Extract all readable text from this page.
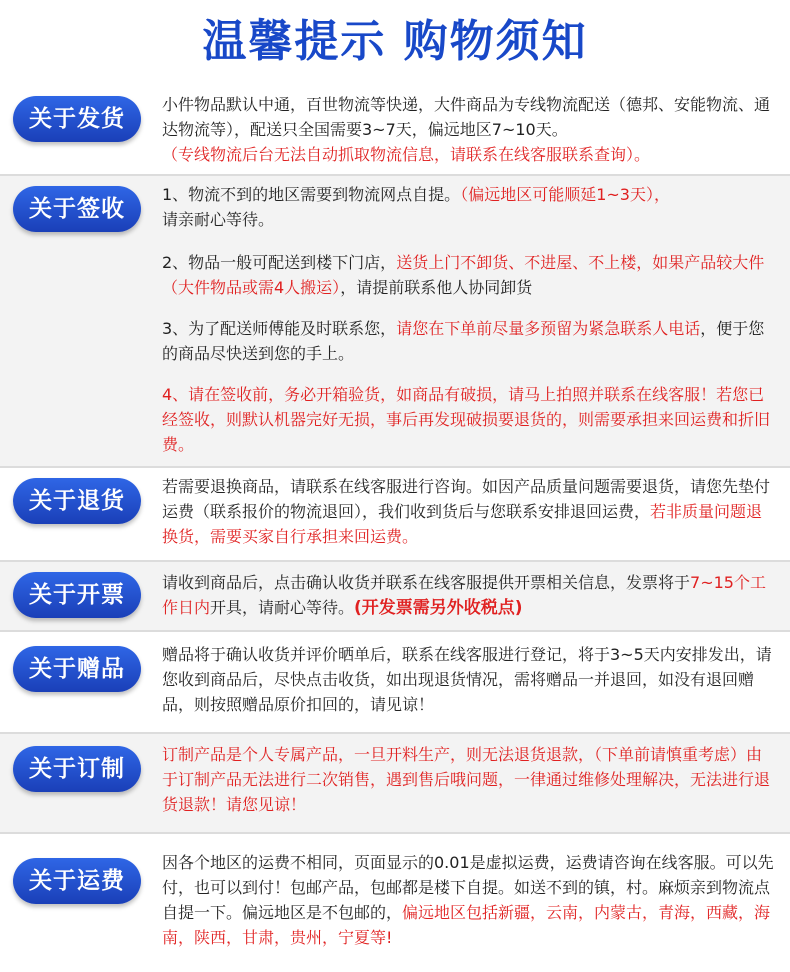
温馨提示 购物须知
关于发货
小件物品默认中通，百世物流等快递，大件商品为专线物流配送（德邦、安能物流、通达物流等），配送只全国需要3~7天，偏远地区7~10天。
（专线物流后台无法自动抓取物流信息，请联系在线客服联系查询）。
关于签收
1、物流不到的地区需要到物流网点自提。（偏远地区可能顺延1~3天），
请亲耐心等待。
2、物品一般可配送到楼下门店，送货上门不卸货、不进屋、不上楼，如果产品较大件（大件物品或需4人搬运），请提前联系他人协同卸货
3、为了配送师傅能及时联系您，请您在下单前尽量多预留为紧急联系人电话，便于您的商品尽快送到您的手上。
4、请在签收前，务必开箱验货，如商品有破损，请马上拍照并联系在线客服！若您已经签收，则默认机器完好无损，事后再发现破损要退货的，则需要承担来回运费和折旧费。
关于退货
若需要退换商品，请联系在线客服进行咨询。如因产品质量问题需要退货，请您先垫付运费（联系报价的物流退回），我们收到货后与您联系安排退回运费，若非质量问题退换货，需要买家自行承担来回运费。
关于开票	请收到商品后，点击确认收货并联系在线客服提供开票相关信息，发票将于7~15个工作日内开具，请耐心等待。(开发票需另外收税点)
关于赠品
赠品将于确认收货并评价晒单后，联系在线客服进行登记，将于3~5天内安排发出，请您收到商品后，尽快点击收货，如出现退货情况，需将赠品一并退回，如没有退回赠品，则按照赠品原价扣回的，请见谅！
关于订制
订制产品是个人专属产品，一旦开料生产，则无法退货退款，（下单前请慎重考虑）由于订制产品无法进行二次销售，遇到售后哦问题，一律通过维修处理解决，无法进行退货退款！请您见谅！
关于运费
因各个地区的运费不相同，页面显示的0.01是虚拟运费，运费请咨询在线客服。可以先付，也可以到付！包邮产品，包邮都是楼下自提。如送不到的镇，村。麻烦亲到物流点自提一下。偏远地区是不包邮的，偏远地区包括新疆，云南，内蒙古，青海，西藏，海南，陕西，甘肃，贵州，宁夏等!
